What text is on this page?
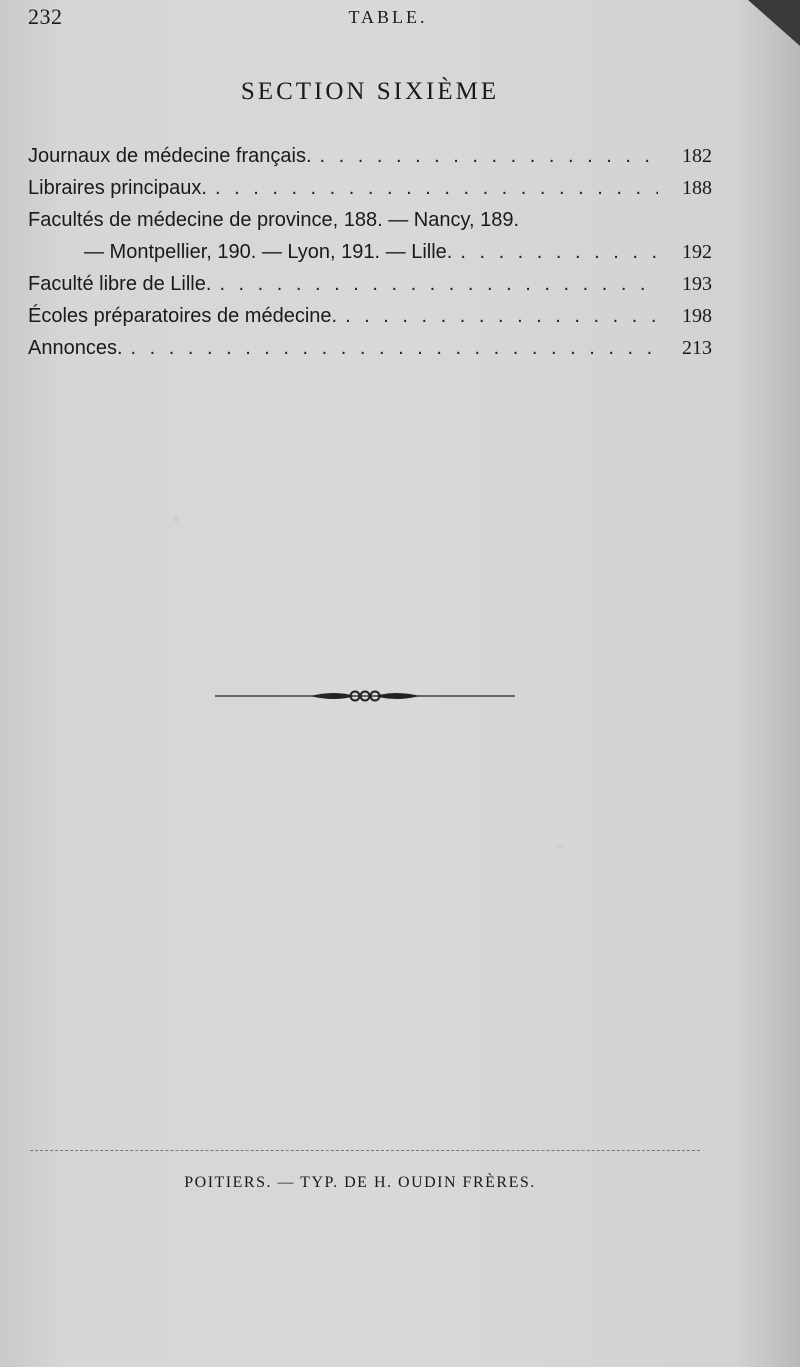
232	TABLE.
SECTION SIXIÈME
Journaux de médecine français. . . .	182
Libraires principaux. . . .	188
Facultés de médecine de province, 188. — Nancy, 189.
— Montpellier, 190. — Lyon, 191. — Lille. . . .	192
Faculté libre de Lille. . . .	193
Écoles préparatoires de médecine. . . .	198
Annonces. . . .	213
POITIERS. — TYP. DE H. OUDIN FRÈRES.
